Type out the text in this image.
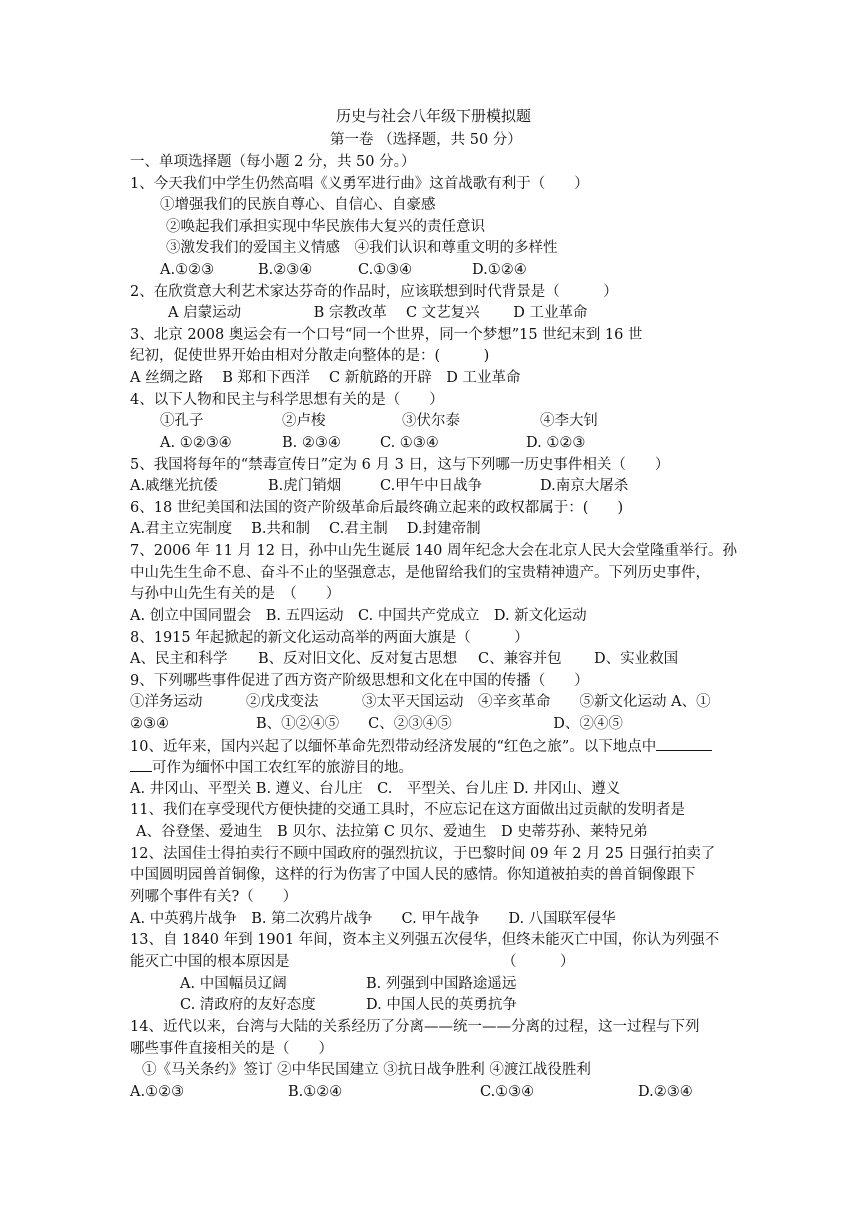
历史与社会八年级下册模拟题
第一卷 （选择题，共 50 分）
一、单项选择题（每小题 2 分，共 50 分。）
1、今天我们中学生仍然高唱《义勇军进行曲》这首战歌有利于（　　）
①增强我们的民族自尊心、自信心、自豪感
②唤起我们承担实现中华民族伟大复兴的责任意识
③激发我们的爱国主义情感　④我们认识和尊重文明的多样性
A.①②③	B.②③④	C.①③④	D.①②④
2、在欣赏意大利艺术家达芬奇的作品时，应该联想到时代背景是（　　　）
A 启蒙运动　　　　　B 宗教改革　 C 文艺复兴　　 D 工业革命
3、北京 2008 奥运会有一个口号“同一个世界，同一个梦想”15 世纪末到 16 世
纪初，促使世界开始由相对分散走向整体的是：(　　　)
A 丝绸之路　 B 郑和下西洋　 C 新航路的开辟　D 工业革命
4、以下人物和民主与科学思想有关的是（　　）
①孔子	②卢梭	③伏尔泰	④李大钊
A. ①②③④	B. ②③④	C. ①③④	D. ①②③
5、我国将每年的“禁毒宣传日”定为 6 月 3 日，这与下列哪一历史事件相关（　　）
A.戚继光抗倭	B.虎门销烟	C.甲午中日战争	D.南京大屠杀
6、18 世纪美国和法国的资产阶级革命后最终确立起来的政权都属于：(　　)
A.君主立宪制度　 B.共和制　 C.君主制　 D.封建帝制
7、2006 年 11 月 12 日，孙中山先生诞辰 140 周年纪念大会在北京人民大会堂隆重举行。孙
中山先生生命不息、奋斗不止的坚强意志，是他留给我们的宝贵精神遗产。下列历史事件，
与孙中山先生有关的是　（　　）
A. 创立中国同盟会　B. 五四运动　C. 中国共产党成立　D. 新文化运动
8、1915 年起掀起的新文化运动高举的两面大旗是（　　　）
A、民主和科学 B、反对旧文化、反对复古思想 C、兼容并包 D、实业救国
9、下列哪些事件促进了西方资产阶级思想和文化在中国的传播（　　）
①洋务运动　　　②戊戌变法　　　③太平天国运动　④辛亥革命　　⑤新文化运动 A、①
②③④　　　　　　B、①②④⑤　　C、②③④⑤　　　　　　　D、②④⑤
10、近年来，国内兴起了以缅怀革命先烈带动经济发展的“红色之旅”。以下地点中
可作为缅怀中国工农红军的旅游目的地。
A. 井冈山、平型关 B. 遵义、台儿庄　C.　平型关、台儿庄 D. 井冈山、遵义
11、我们在享受现代方便快捷的交通工具时，不应忘记在这方面做出过贡献的发明者是
A、谷登堡、爱迪生　B 贝尔、法拉第 C 贝尔、爱迪生　D 史蒂芬孙、莱特兄弟
12、法国佳士得拍卖行不顾中国政府的强烈抗议，于巴黎时间 09 年 2 月 25 日强行拍卖了
中国圆明园兽首铜像，这样的行为伤害了中国人民的感情。你知道被拍卖的兽首铜像跟下
列哪个事件有关?（　　）
A. 中英鸦片战争　B. 第二次鸦片战争　　C. 甲午战争　　D. 八国联军侵华
13、自 1840 年到 1901 年间，资本主义列强五次侵华，但终未能灭亡中国，你认为列强不
能灭亡中国的根本原因是	（　　　）
A. 中国幅员辽阔	B. 列强到中国路途遥远
C. 清政府的友好态度	D. 中国人民的英勇抗争
14、近代以来，台湾与大陆的关系经历了分离——统一——分离的过程，这一过程与下列
哪些事件直接相关的是（　　）
①《马关条约》签订 ②中华民国建立 ③抗日战争胜利 ④渡江战役胜利
A.①②③	B.①②④	C.①③④	D.②③④
